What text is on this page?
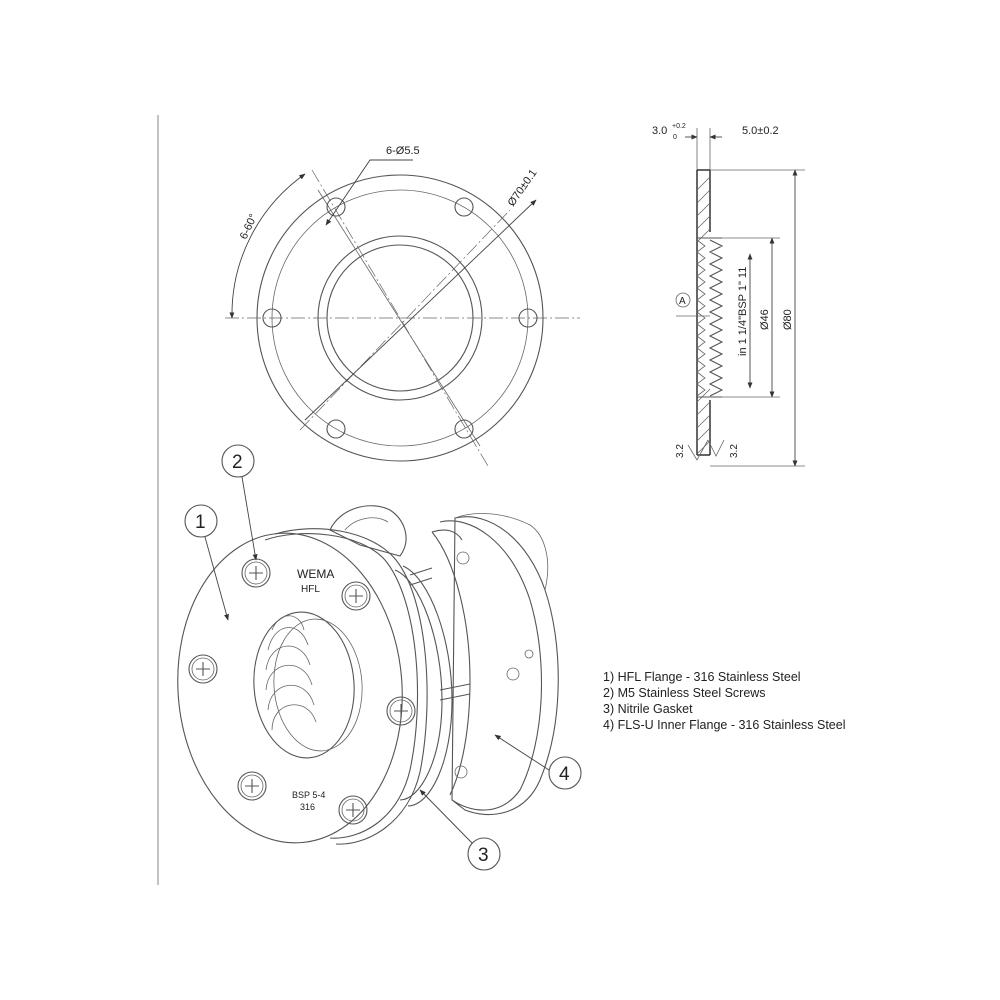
6-Ø5.5
6-60°
Ø70±0.1
3.0 +0.2
0
5.0±0.2
A	in 1 1/4"BSP 1" 11 Ø46 Ø80
3.2	3.2
WEMA
HFL
BSP 5-4
316
1
2
3
4
1) HFL Flange - 316 Stainless Steel
2) M5 Stainless Steel Screws
3) Nitrile Gasket
4) FLS-U Inner Flange - 316 Stainless Steel
